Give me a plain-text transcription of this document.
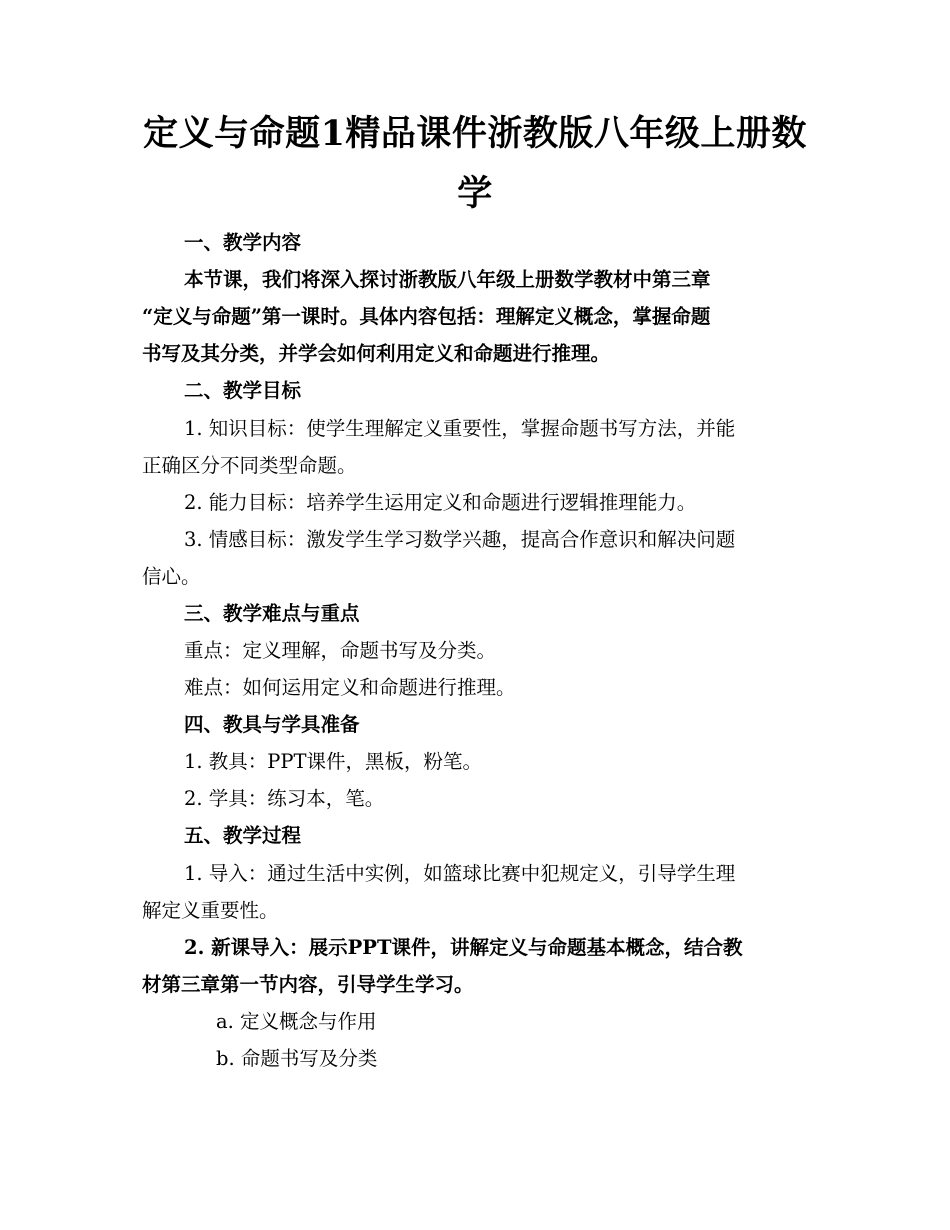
定义与命题1精品课件浙教版八年级上册数
学
一、教学内容
本节课，我们将深入探讨浙教版八年级上册数学教材中第三章
“定义与命题”第一课时。具体内容包括：理解定义概念，掌握命题
书写及其分类，并学会如何利用定义和命题进行推理。
二、教学目标
1. 知识目标：使学生理解定义重要性，掌握命题书写方法，并能
正确区分不同类型命题。
2. 能力目标：培养学生运用定义和命题进行逻辑推理能力。
3. 情感目标：激发学生学习数学兴趣，提高合作意识和解决问题
信心。
三、教学难点与重点
重点：定义理解，命题书写及分类。
难点：如何运用定义和命题进行推理。
四、教具与学具准备
1. 教具：PPT课件，黑板，粉笔。
2. 学具：练习本，笔。
五、教学过程
1. 导入：通过生活中实例，如篮球比赛中犯规定义，引导学生理
解定义重要性。
2. 新课导入：展示PPT课件，讲解定义与命题基本概念，结合教
材第三章第一节内容，引导学生学习。
a. 定义概念与作用
b. 命题书写及分类
